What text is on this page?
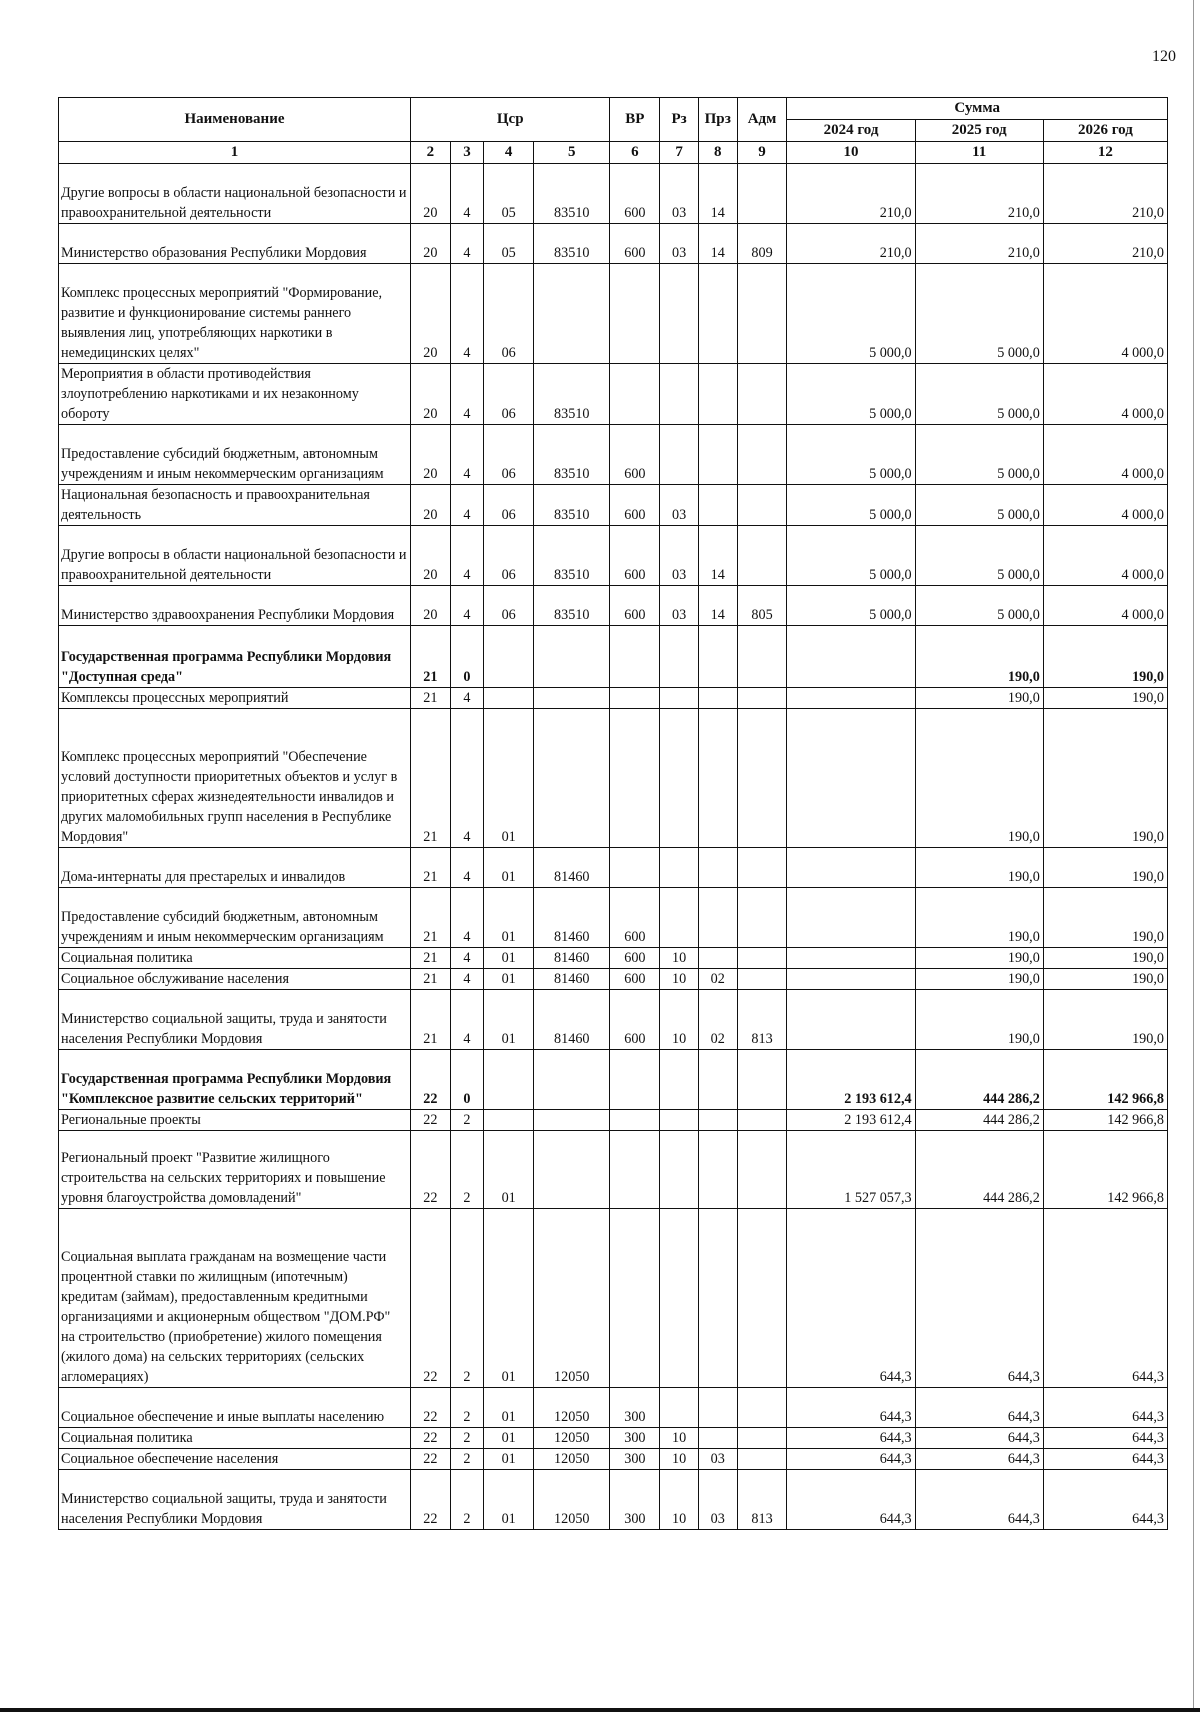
120
Наименование	Цср				ВР	Рз	Прз	Адм	Сумма		
									2024 год	2025 год	2026 год
1	2	3	4	5	6	7	8	9	10	11	12
Другие вопросы в области национальной безопасности и правоохранительной деятельности	20	4	05	83510	600	03	14		210,0	210,0	210,0
Министерство образования Республики Мордовия	20	4	05	83510	600	03	14	809	210,0	210,0	210,0
Комплекс процессных мероприятий "Формирование, развитие и функционирование системы раннего выявления лиц, употребляющих наркотики в немедицинских целях"	20	4	06						5 000,0	5 000,0	4 000,0
Мероприятия в области противодействия злоупотреблению наркотиками и их незаконному обороту	20	4	06	83510					5 000,0	5 000,0	4 000,0
Предоставление субсидий бюджетным, автономным учреждениям и иным некоммерческим организациям	20	4	06	83510	600				5 000,0	5 000,0	4 000,0
Национальная безопасность и правоохранительная деятельность	20	4	06	83510	600	03			5 000,0	5 000,0	4 000,0
Другие вопросы в области национальной безопасности и правоохранительной деятельности	20	4	06	83510	600	03	14		5 000,0	5 000,0	4 000,0
Министерство здравоохранения Республики Мордовия	20	4	06	83510	600	03	14	805	5 000,0	5 000,0	4 000,0
Государственная программа Республики Мордовия "Доступная среда"	21	0								190,0	190,0
Комплексы процессных мероприятий	21	4								190,0	190,0
Комплекс процессных мероприятий "Обеспечение условий доступности приоритетных объектов и услуг в приоритетных сферах жизнедеятельности инвалидов и других маломобильных групп населения в Республике Мордовия"	21	4	01							190,0	190,0
Дома-интернаты для престарелых и инвалидов	21	4	01	81460						190,0	190,0
Предоставление субсидий бюджетным, автономным учреждениям и иным некоммерческим организациям	21	4	01	81460	600					190,0	190,0
Социальная политика	21	4	01	81460	600	10				190,0	190,0
Социальное обслуживание населения	21	4	01	81460	600	10	02			190,0	190,0
Министерство социальной защиты, труда и занятости населения Республики Мордовия	21	4	01	81460	600	10	02	813		190,0	190,0
Государственная программа Республики Мордовия "Комплексное развитие сельских территорий"	22	0							2 193 612,4	444 286,2	142 966,8
Региональные проекты	22	2							2 193 612,4	444 286,2	142 966,8
Региональный проект "Развитие жилищного строительства на сельских территориях и повышение уровня благоустройства домовладений"	22	2	01						1 527 057,3	444 286,2	142 966,8
Социальная выплата гражданам на возмещение части процентной ставки по жилищным (ипотечным) кредитам (займам), предоставленным кредитными организациями и акционерным обществом "ДОМ.РФ" на строительство (приобретение) жилого помещения (жилого дома) на сельских территориях (сельских агломерациях)	22	2	01	12050					644,3	644,3	644,3
Социальное обеспечение и иные выплаты населению	22	2	01	12050	300				644,3	644,3	644,3
Социальная политика	22	2	01	12050	300	10			644,3	644,3	644,3
Социальное обеспечение населения	22	2	01	12050	300	10	03		644,3	644,3	644,3
Министерство социальной защиты, труда и занятости населения Республики Мордовия	22	2	01	12050	300	10	03	813	644,3	644,3	644,3
